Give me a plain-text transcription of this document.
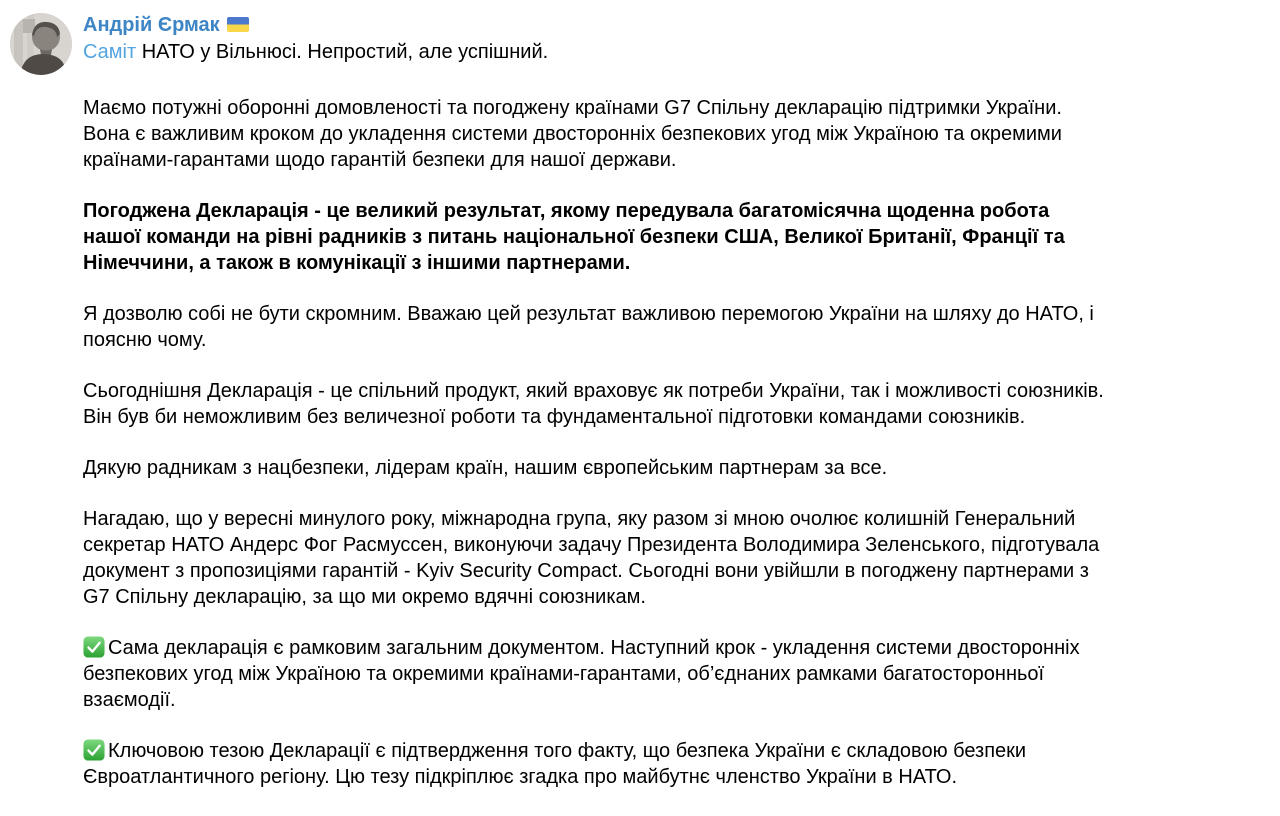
Андрій Єрмак
Саміт НАТО у Вільнюсі. Непростий, але успішний.

Маємо потужні оборонні домовленості та погоджену країнами G7 Спільну декларацію підтримки України. Вона є важливим кроком до укладення системи двосторонніх безпекових угод між Україною та окремими країнами-гарантами щодо гарантій безпеки для нашої держави.

Погоджена Декларація - це великий результат, якому передувала багатомісячна щоденна робота нашої команди на рівні радників з питань національної безпеки США, Великої Британії, Франції та Німеччини, а також в комунікації з іншими партнерами.

Я дозволю собі не бути скромним. Вважаю цей результат важливою перемогою України на шляху до НАТО, і поясню чому.

Сьогоднішня Декларація - це спільний продукт, який враховує як потреби України, так і можливості союзників. Він був би неможливим без величезної роботи та фундаментальної підготовки командами союзників.

Дякую радникам з нацбезпеки, лідерам країн, нашим європейським партнерам за все.

Нагадаю, що у вересні минулого року, міжнародна група, яку разом зі мною очолює колишній Генеральний секретар НАТО Андерс Фог Расмуссен, виконуючи задачу Президента Володимира Зеленського, підготувала документ з пропозиціями гарантій - Kyiv Security Compact. Сьогодні вони увійшли в погоджену партнерами з G7 Спільну декларацію, за що ми окремо вдячні союзникам.

Сама декларація є рамковим загальним документом. Наступний крок - укладення системи двосторонніх безпекових угод між Україною та окремими країнами-гарантами, об’єднаних рамками багатосторонньої взаємодії.

Ключовою тезою Декларації є підтвердження того факту, що безпека України є складовою безпеки Євроатлантичного регіону. Цю тезу підкріплює згадка про майбутнє членство України в НАТО.
